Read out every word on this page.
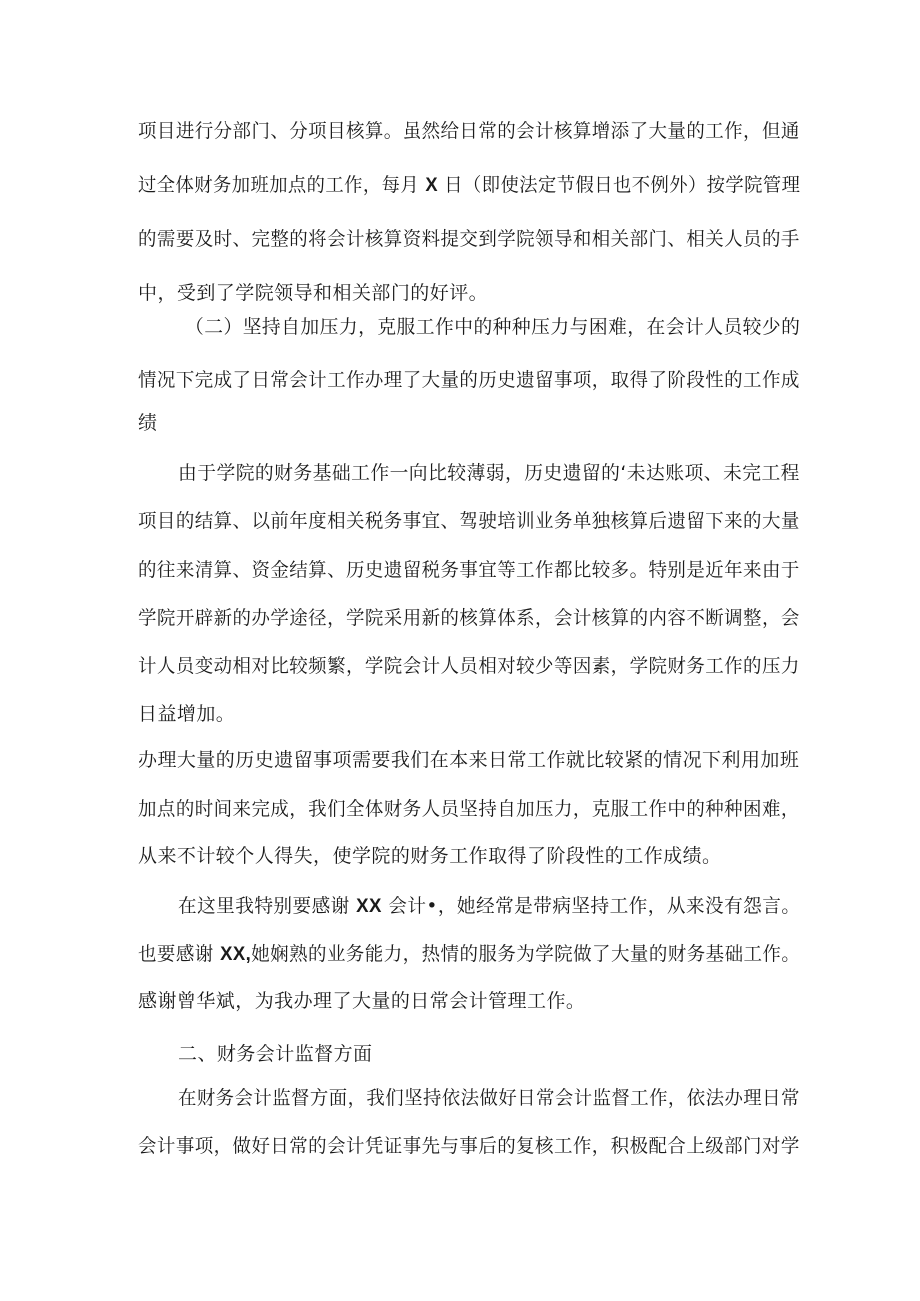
项目进行分部门、分项目核算。虽然给日常的会计核算增添了大量的工作，但通

过全体财务加班加点的工作，每月 X 日（即使法定节假日也不例外）按学院管理

的需要及时、完整的将会计核算资料提交到学院领导和相关部门、相关人员的手

中，受到了学院领导和相关部门的好评。

（二）坚持自加压力，克服工作中的种种压力与困难，在会计人员较少的

情况下完成了日常会计工作办理了大量的历史遗留事项，取得了阶段性的工作成

绩

由于学院的财务基础工作一向比较薄弱，历史遗留的‘未达账项、未完工程

项目的结算、以前年度相关税务事宜、驾驶培训业务单独核算后遗留下来的大量

的往来清算、资金结算、历史遗留税务事宜等工作都比较多。特别是近年来由于

学院开辟新的办学途径，学院采用新的核算体系，会计核算的内容不断调整，会

计人员变动相对比较频繁，学院会计人员相对较少等因素，学院财务工作的压力

日益增加。

办理大量的历史遗留事项需要我们在本来日常工作就比较紧的情况下利用加班

加点的时间来完成，我们全体财务人员坚持自加压力，克服工作中的种种困难，

从来不计较个人得失，使学院的财务工作取得了阶段性的工作成绩。

在这里我特别要感谢 XX 会计•，她经常是带病坚持工作，从来没有怨言。

也要感谢 XX,她娴熟的业务能力，热情的服务为学院做了大量的财务基础工作。

感谢曾华斌，为我办理了大量的日常会计管理工作。

二、财务会计监督方面

在财务会计监督方面，我们坚持依法做好日常会计监督工作，依法办理日常

会计事项，做好日常的会计凭证事先与事后的复核工作，积极配合上级部门对学
